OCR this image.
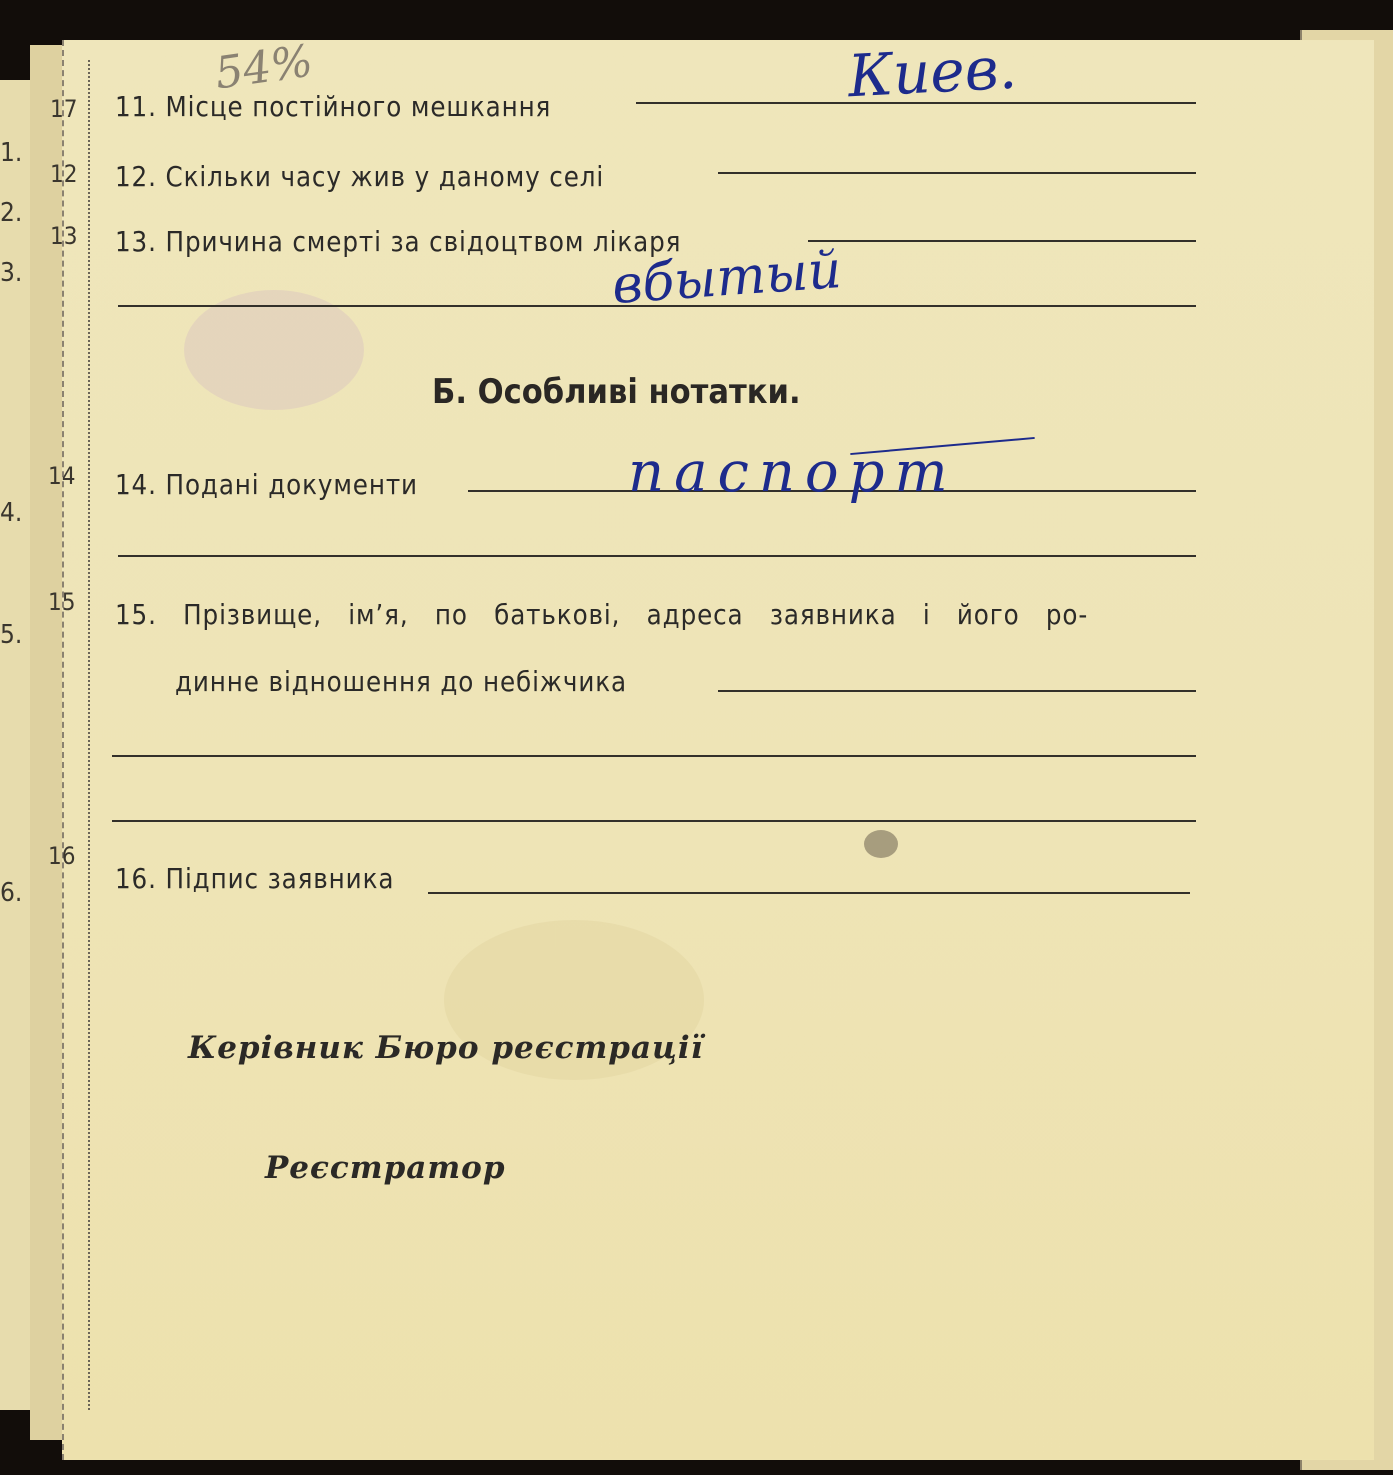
1.
2.
3.
4.
5.
6.
17
12
13
14
15
16
54%
11. Місце постійного мешкання	Киев.
12. Скільки часу жив у даному селі
13. Причина смерті за свідоцтвом лікаря
вбытый
Б. Особливі нотатки.
14. Подані документи	паспорт
15. Прізвище, ім’я, по батькові, адреса заявника і його ро-
динне відношення до небіжчика
16. Підпис заявника
Керівник Бюро реєстрації
Реєстратор
